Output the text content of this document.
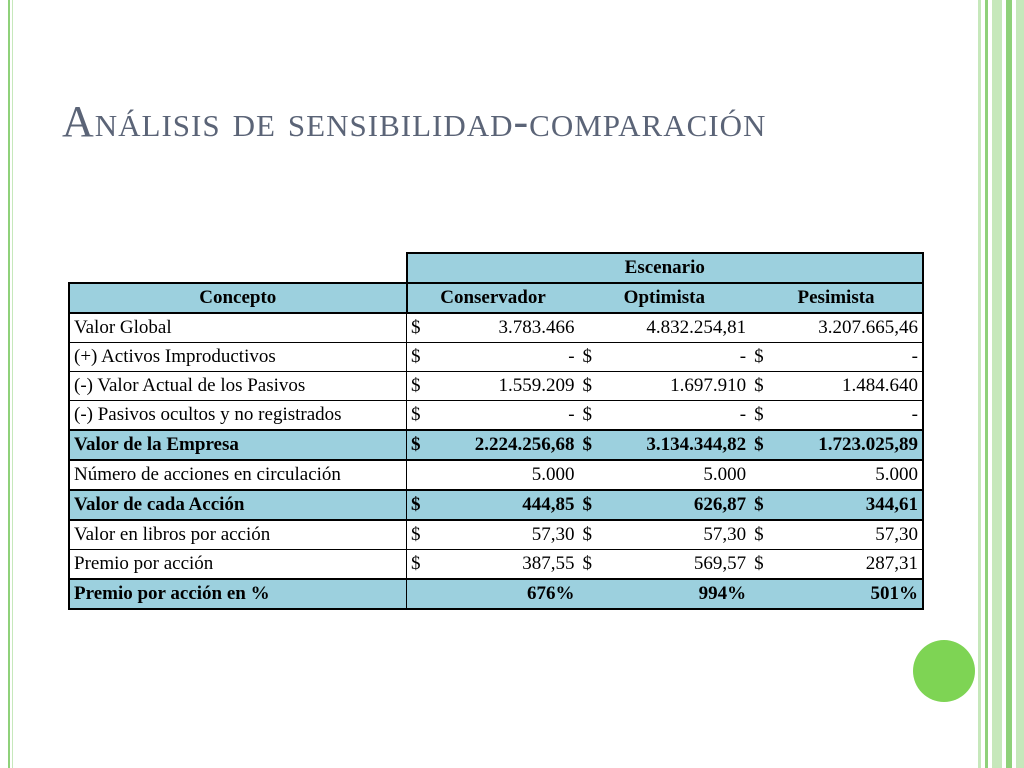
Análisis de sensibilidad-comparación
	Escenario					
Concepto	Conservador		Optimista		Pesimista	
Valor Global	$	3.783.466		4.832.254,81		3.207.665,46
(+) Activos Improductivos	$	-	$	-	$	-
(-) Valor Actual de los Pasivos	$	1.559.209	$	1.697.910	$	1.484.640
(-) Pasivos ocultos y no registrados	$	-	$	-	$	-
Valor de la Empresa	$	2.224.256,68	$	3.134.344,82	$	1.723.025,89
Número de acciones en circulación		5.000		5.000		5.000
Valor de cada Acción	$	444,85	$	626,87	$	344,61
Valor en libros por acción	$	57,30	$	57,30	$	57,30
Premio por acción	$	387,55	$	569,57	$	287,31
Premio por acción en %		676%		994%		501%
